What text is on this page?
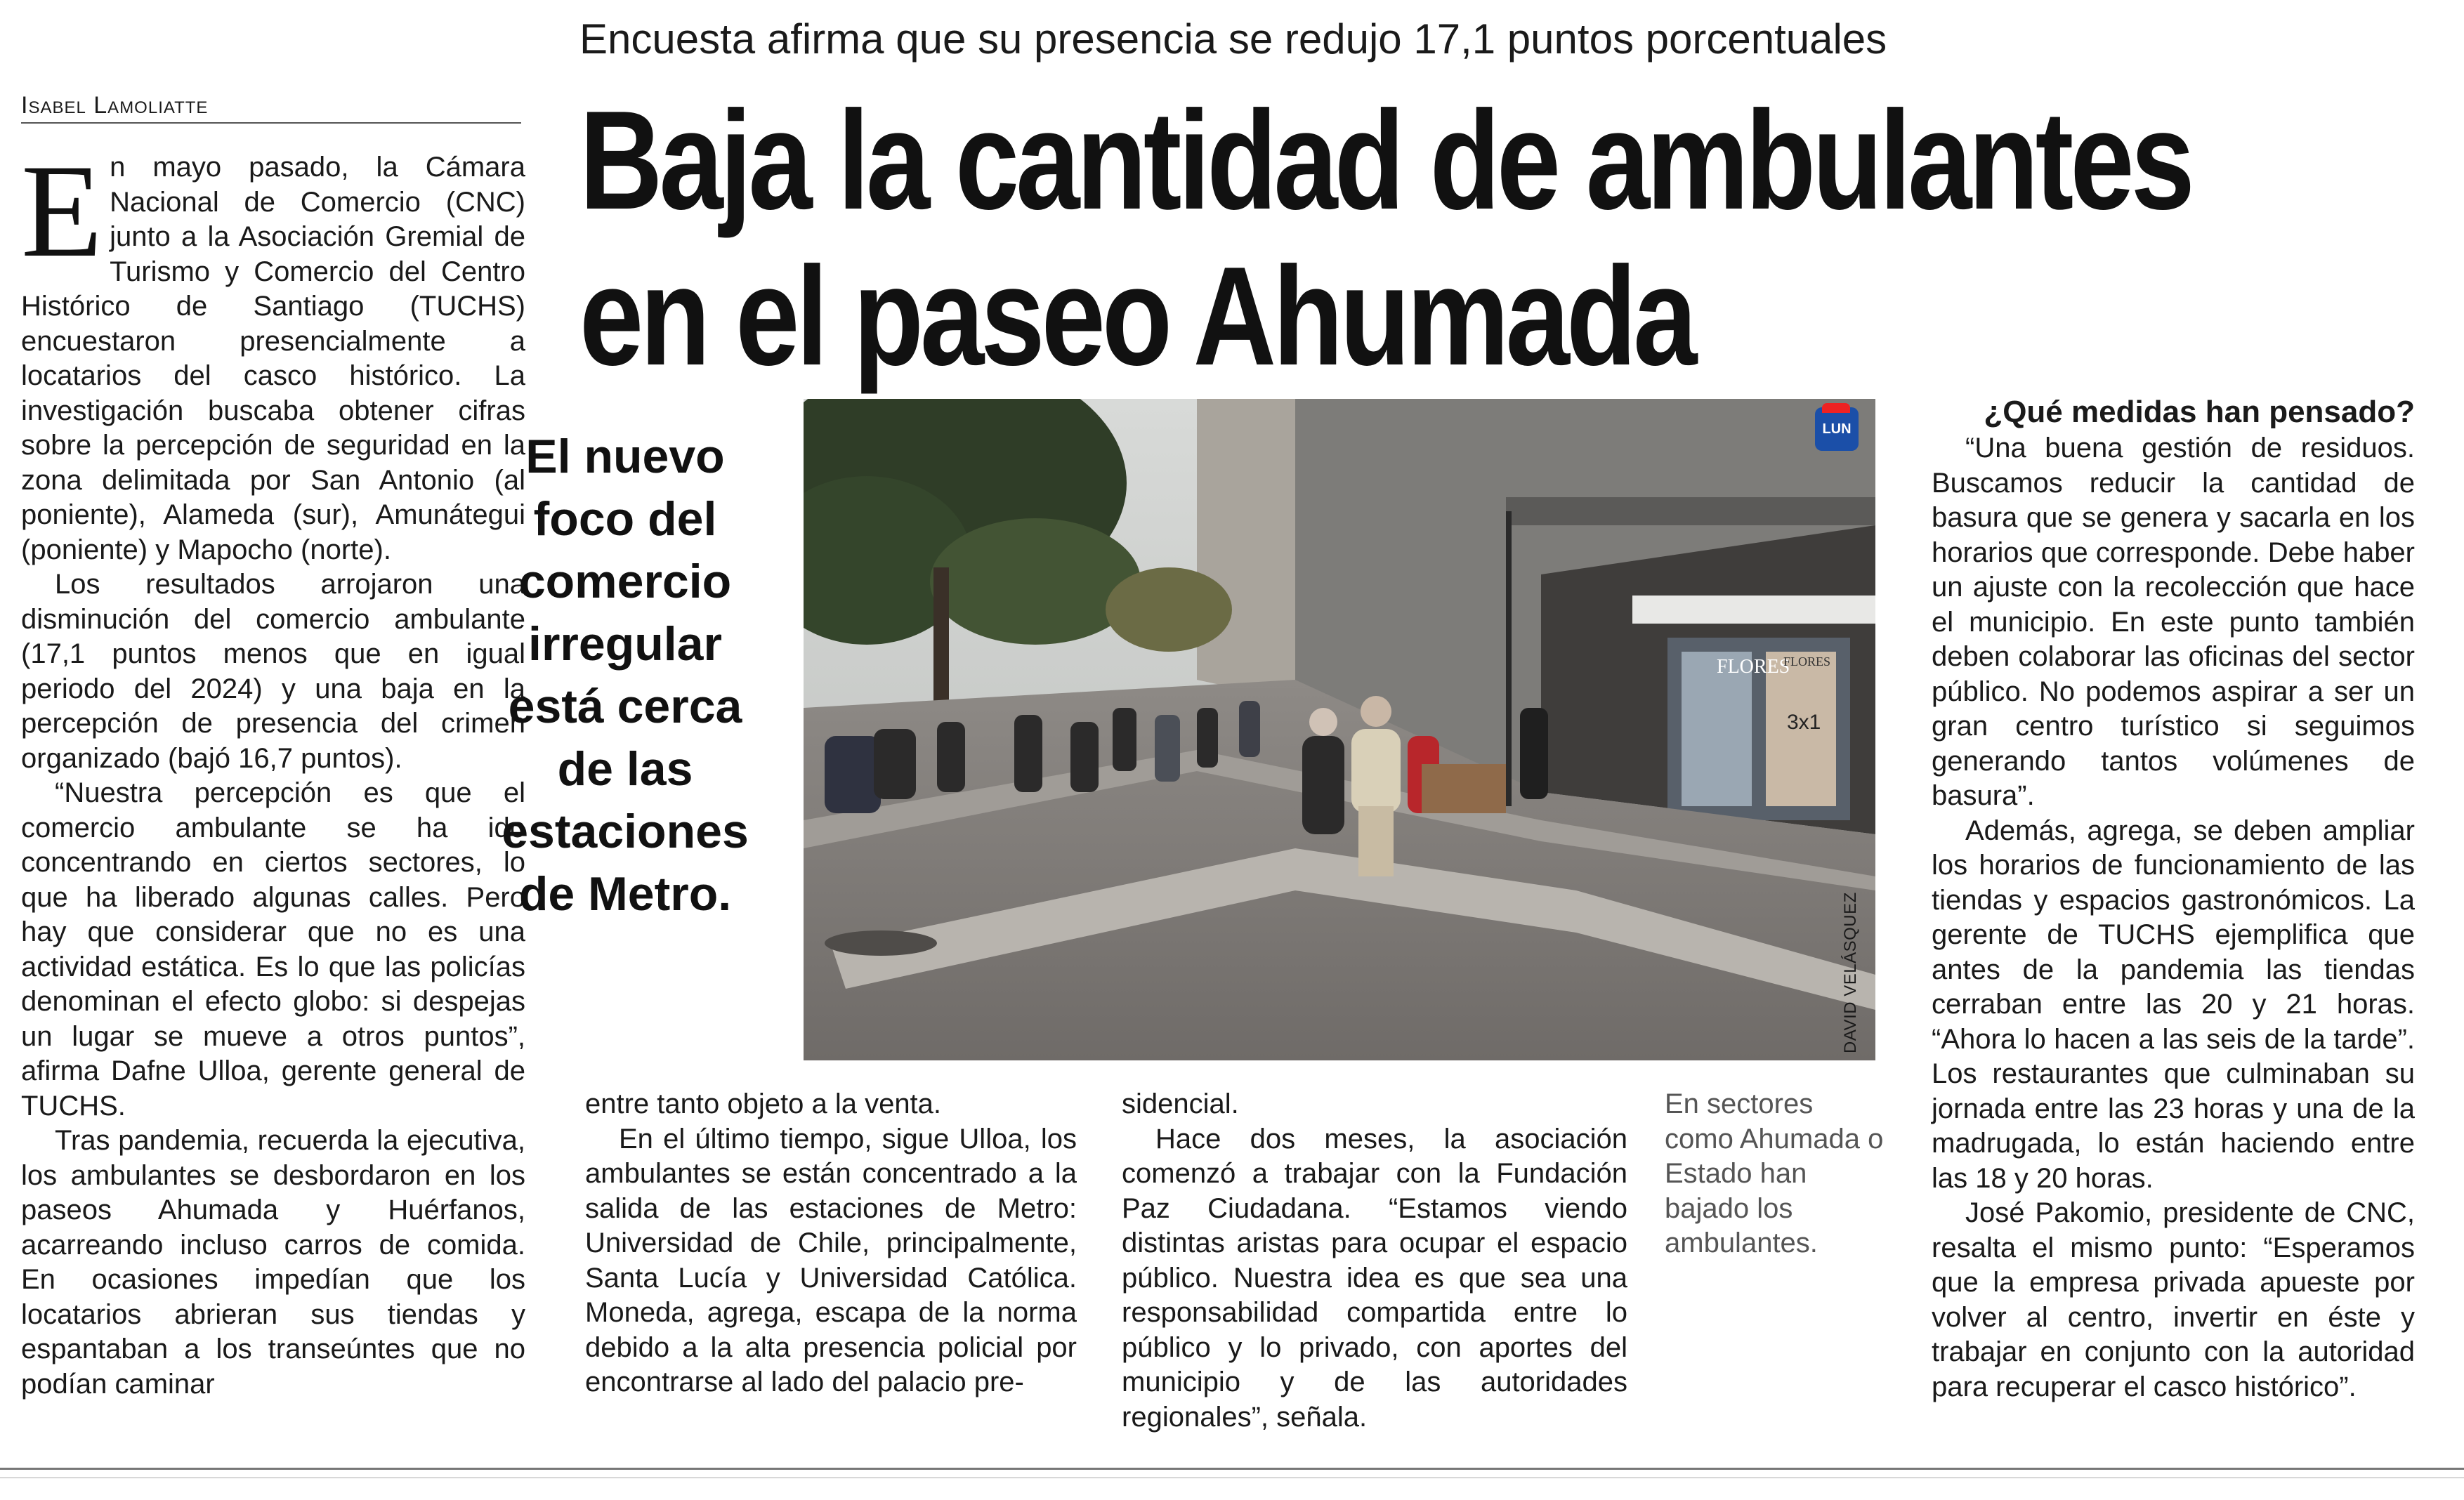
Encuesta afirma que su presencia se redujo 17,1 puntos porcentuales
Baja la cantidad de ambulantes
en el paseo Ahumada
Isabel Lamoliatte

En mayo pasado, la Cámara Nacional de Comercio (CNC) junto a la Asociación Gremial de Turismo y Comercio del Centro Histórico de Santiago (TUCHS) encuestaron presencialmente a locatarios del casco histórico. La investigación buscaba obtener cifras sobre la percepción de seguridad en la zona delimitada por San Antonio (al poniente), Alameda (sur), Amunátegui (poniente) y Mapocho (norte).

Los resultados arrojaron una disminución del comercio ambulante (17,1 puntos menos que en igual periodo del 2024) y una baja en la percepción de presencia del crimen organizado (bajó 16,7 puntos).

“Nuestra percepción es que el comercio ambulante se ha ido concentrando en ciertos sectores, lo que ha liberado algunas calles. Pero hay que considerar que no es una actividad estática. Es lo que las policías denominan el efecto globo: si despejas un lugar se mueve a otros puntos”, afirma Dafne Ulloa, gerente general de TUCHS.

Tras pandemia, recuerda la ejecutiva, los ambulantes se desbordaron en los paseos Ahumada y Huérfanos, acarreando incluso carros de comida. En ocasiones impedían que los locatarios abrieran sus tiendas y espantaban a los transeúntes que no podían caminar

El nuevo foco del comercio irregular está cerca de las estaciones de Metro.
FLORES
FLORES
3x1
LUN
DAVID VELÁSQUEZ
En sectores como Ahumada o Estado han bajado los ambulantes.

entre tanto objeto a la venta.

En el último tiempo, sigue Ulloa, los ambulantes se están concentrado a la salida de las estaciones de Metro: Universidad de Chile, principalmente, Santa Lucía y Universidad Católica. Moneda, agrega, escapa de la norma debido a la alta presencia policial por encontrarse al lado del palacio pre-

sidencial.

Hace dos meses, la asociación comenzó a trabajar con la Fundación Paz Ciudadana. “Estamos viendo distintas aristas para ocupar el espacio público. Nuestra idea es que sea una responsabilidad compartida entre lo público y lo privado, con aportes del municipio y de las autoridades regionales”, señala.

¿Qué medidas han pensado?

“Una buena gestión de residuos. Buscamos reducir la cantidad de basura que se genera y sacarla en los horarios que corresponde. Debe haber un ajuste con la recolección que hace el municipio. En este punto también deben colaborar las oficinas del sector público. No podemos aspirar a ser un gran centro turístico si seguimos generando tantos volúmenes de basura”.

Además, agrega, se deben ampliar los horarios de funcionamiento de las tiendas y espacios gastronómicos. La gerente de TUCHS ejemplifica que antes de la pandemia las tiendas cerraban entre las 20 y 21 horas. “Ahora lo hacen a las seis de la tarde”. Los restaurantes que culminaban su jornada entre las 23 horas y una de la madrugada, lo están haciendo entre las 18 y 20 horas.

José Pakomio, presidente de CNC, resalta el mismo punto: “Esperamos que la empresa privada apueste por volver al centro, invertir en éste y trabajar en conjunto con la autoridad para recuperar el casco histórico”.
